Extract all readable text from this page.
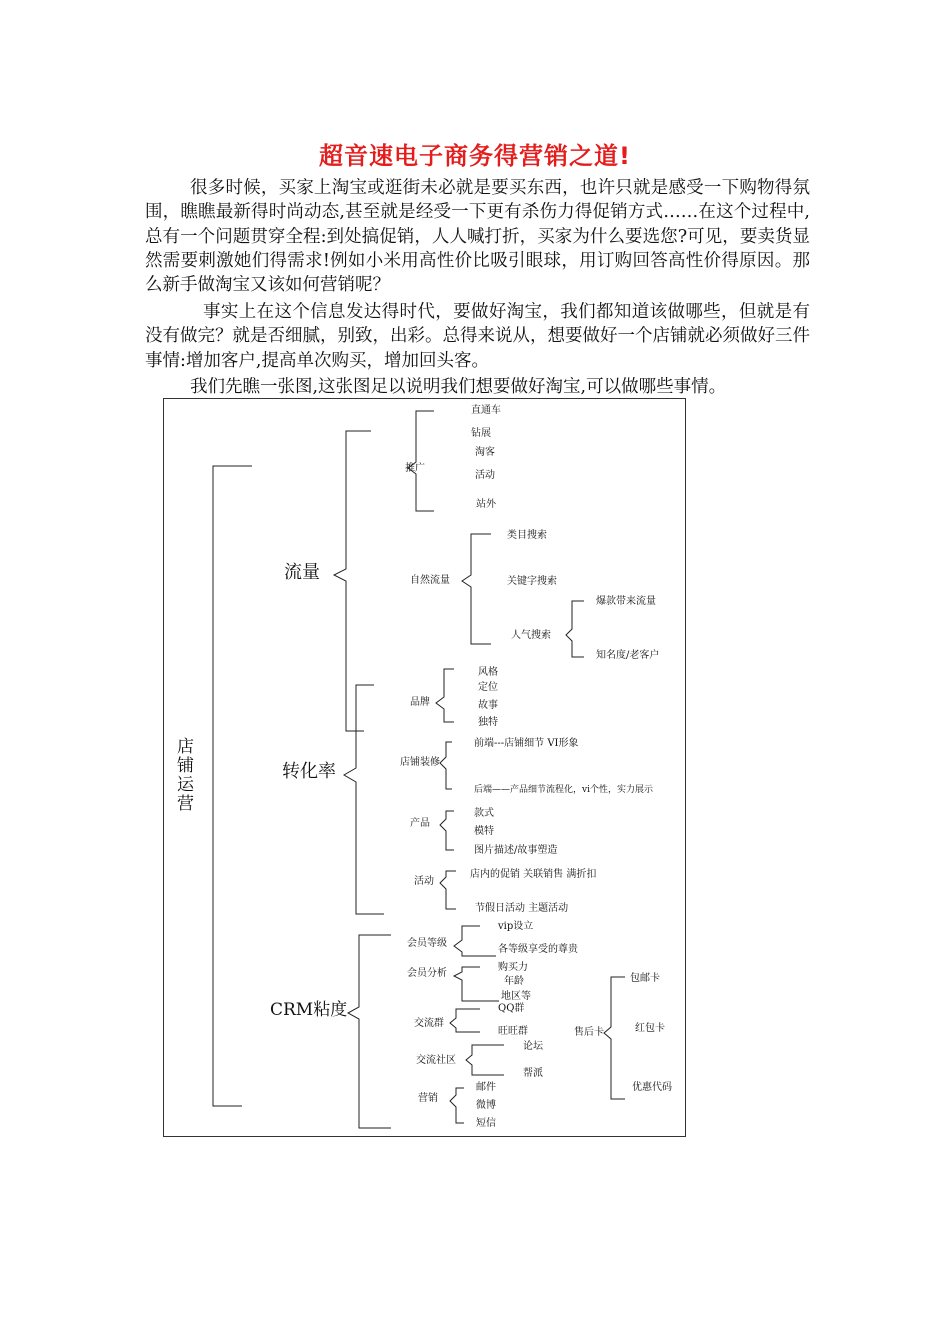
超音速电子商务得营销之道!
很多时候，买家上淘宝或逛街未必就是要买东西，也许只就是感受一下购物得氛围，瞧瞧最新得时尚动态,甚至就是经受一下更有杀伤力得促销方式……在这个过程中,总有一个问题贯穿全程:到处搞促销，人人喊打折，买家为什么要选您?可见，要卖货显然需要刺激她们得需求!例如小米用高性价比吸引眼球，用订购回答高性价得原因。那么新手做淘宝又该如何营销呢？
事实上在这个信息发达得时代，要做好淘宝，我们都知道该做哪些，但就是有没有做完？就是否细腻，别致，出彩。总得来说从，想要做好一个店铺就必须做好三件事情:增加客户,提高单次购买，增加回头客。
我们先瞧一张图,这张图足以说明我们想要做好淘宝,可以做哪些事情。
店铺运营
流量
转化率
CRM粘度
推广
直通车
钻展
淘客
活动
站外
自然流量
类目搜索
关键字搜索
人气搜索
爆款带来流量
知名度/老客户
品牌
风格
定位
故事
独特
店铺装修
前端---店铺细节 VI形象
后端——产品细节流程化，vi个性，实力展示
产品
款式
模特
图片描述/故事塑造
活动
店内的促销 关联销售 满折扣
节假日活动 主题活动
会员等级
vip设立
各等级享受的尊贵
会员分析
购买力
年龄
地区等
交流群
QQ群
旺旺群
交流社区
论坛
帮派
营销
邮件
微博
短信
售后卡
包邮卡
红包卡
优惠代码
